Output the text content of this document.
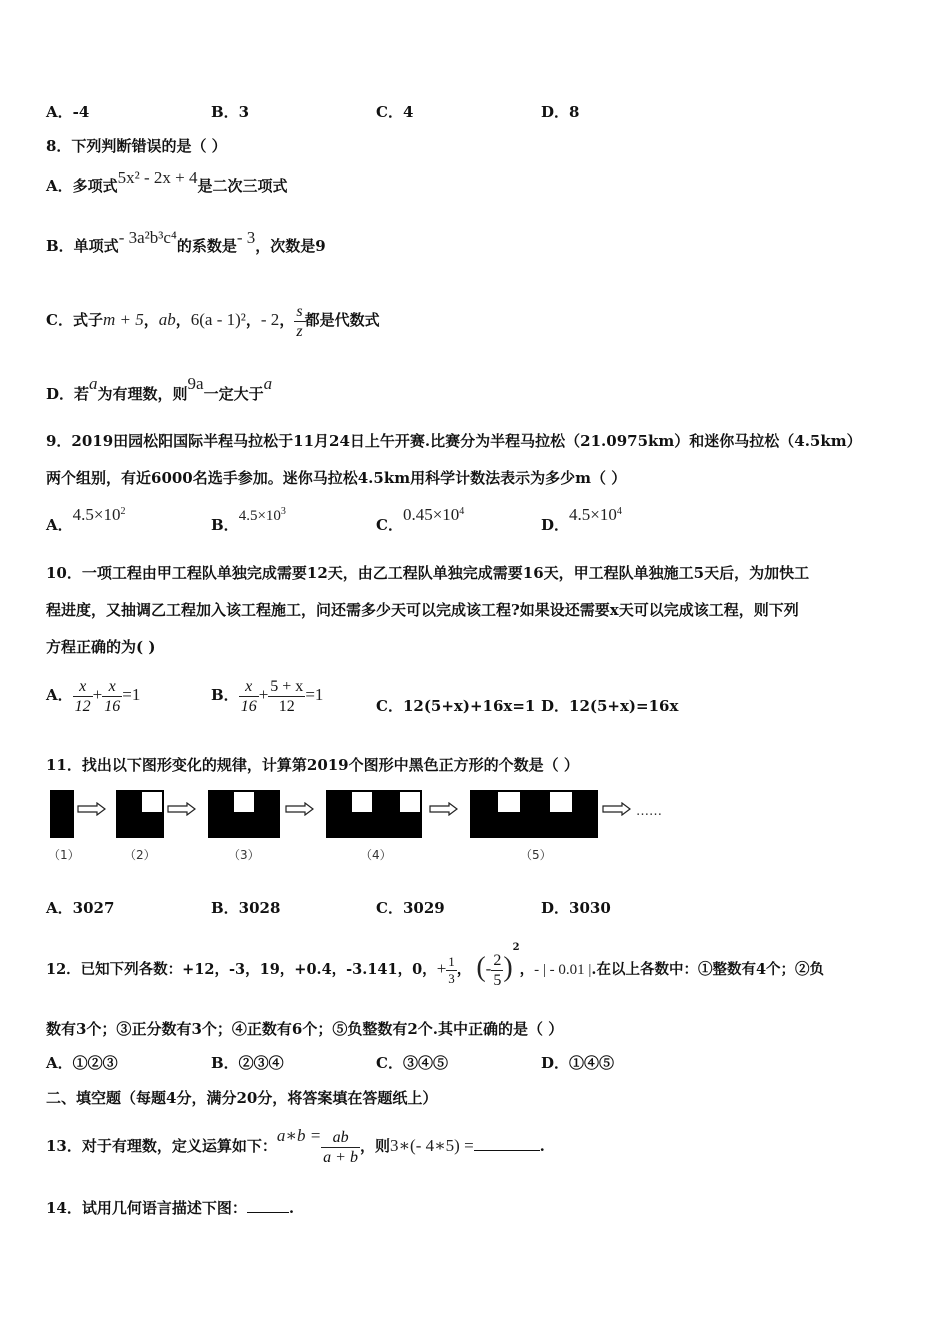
A．-4	B．3	C．4	D．8
8．下列判断错误的是（ ）
A．多项式5x² - 2x + 4是二次三项式
B．单项式- 3a²b³c⁴的系数是- 3，次数是9
C．式子m + 5，ab，6(a - 1)²，- 2， $\frac{s}{z}$ 都是代数式
D．若a为有理数，则9a一定大于a
9．2019田园松阳国际半程马拉松于11月24日上午开赛.比赛分为半程马拉松（21.0975km）和迷你马拉松（4.5km）
两个组别，有近6000名选手参加。迷你马拉松4.5km用科学计数法表示为多少m（ ）
A．$4.5\times 10^2$
B．$4.5\times 10^3$
C．$0.45\times 10^4$
D．$4.5\times 10^4$
10．一项工程由甲工程队单独完成需要12天，由乙工程队单独完成需要16天，甲工程队单独施工5天后，为加快工
程进度，又抽调乙工程加入该工程施工，问还需多少天可以完成该工程?如果设还需要x天可以完成该工程，则下列
方程正确的为( )
A． $\frac{x}{12} + \frac{x}{16} =1$	B． $\frac{x}{16} + \frac{5 + x}{12} =1$
C．12(5+x)+16x=1 D．12(5+x)=16x
11．找出以下图形变化的规律，计算第2019个图形中黑色正方形的个数是（ ）
……
（1）	（2）	（3）	（4）	（5）
A．3027	B．3028	C．3029	D．3030
12．已知下列各数：+12，-3，19，+0.4，-3.141，0，+ $\frac{1}{3}$ ， (- $\frac{2}{5} )^2$，- | - 0.01 |.在以上各数中：①整数有4个；②负
数有3个；③正分数有3个；④正数有6个；⑤负整数有2个.其中正确的是（ ）
A．①②③	B．②③④	C．③④⑤	D．①④⑤
二、填空题（每题4分，满分20分，将答案填在答题纸上）
13．对于有理数，定义运算如下：a∗b = $\frac{ab}{a + b}$ ，则3∗(- 4∗5) =	.
14．试用几何语言描述下图：	.
